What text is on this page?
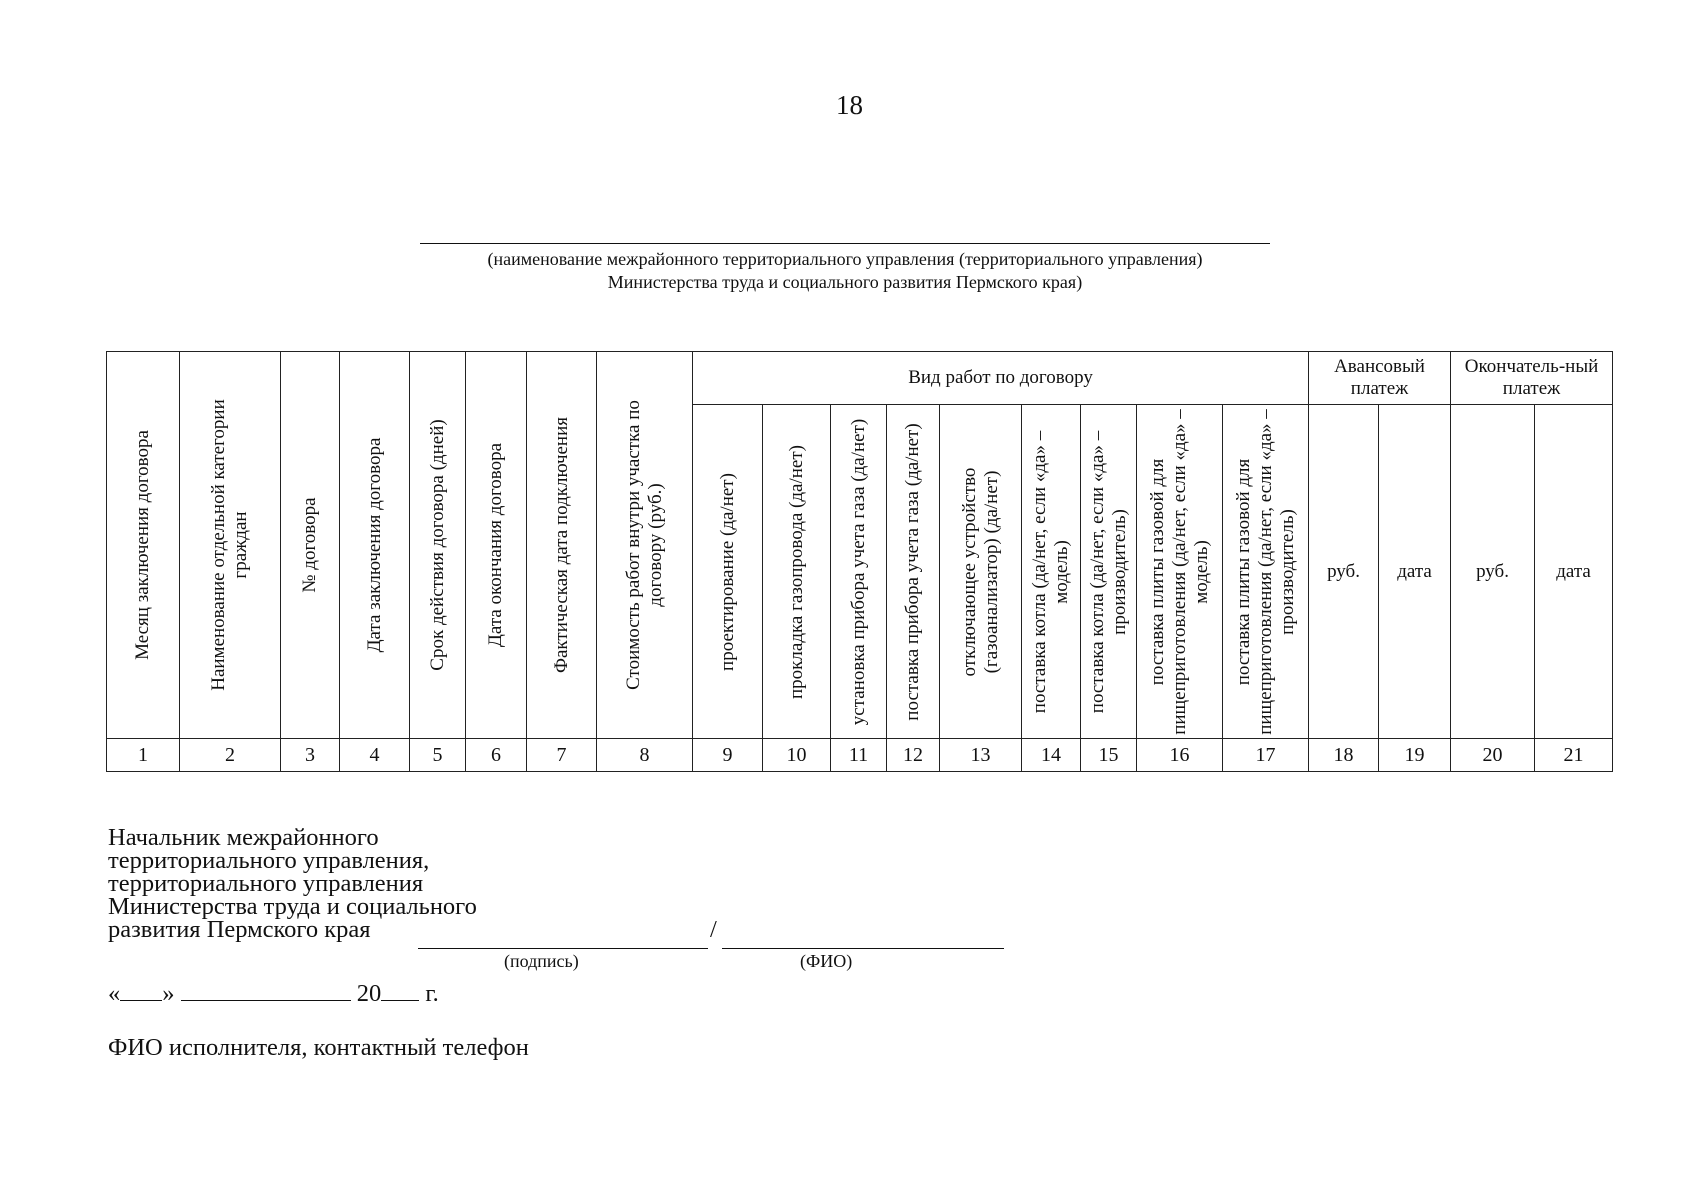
18
(наименование межрайонного территориального управления (территориального управления)
Министерства труда и социального развития Пермского края)
Месяц заключения договора	Наименование отдельной категории граждан	№ договора	Дата заключения договора	Срок действия договора (дней)	Дата окончания договора	Фактическая дата подключения	Стоимость работ внутри участка по договору (руб.)	Вид работ по договору									Авансовый платеж		Окончатель-ный платеж	

								проектирование (да/нет)	прокладка газопровода (да/нет)	установка прибора учета газа (да/нет)	поставка прибора учета газа (да/нет)	отключающее устройство (газоанализатор) (да/нет)	поставка котла (да/нет, если «да» – модель)	поставка котла (да/нет, если «да» – производитель)	поставка плиты газовой для пищеприготовления (да/нет, если «да» – модель)	поставка плиты газовой для пищеприготовления (да/нет, если «да» – производитель)	руб.	дата	руб.	дата
1	2	3	4	5	6	7	8	9	10	11	12	13	14	15	16	17	18	19	20	21
Начальник межрайонного
территориального управления,
территориального управления
Министерства труда и социального
развития Пермского края	/
(подпись)	(ФИО)
« »	20 г.
ФИО исполнителя, контактный телефон
